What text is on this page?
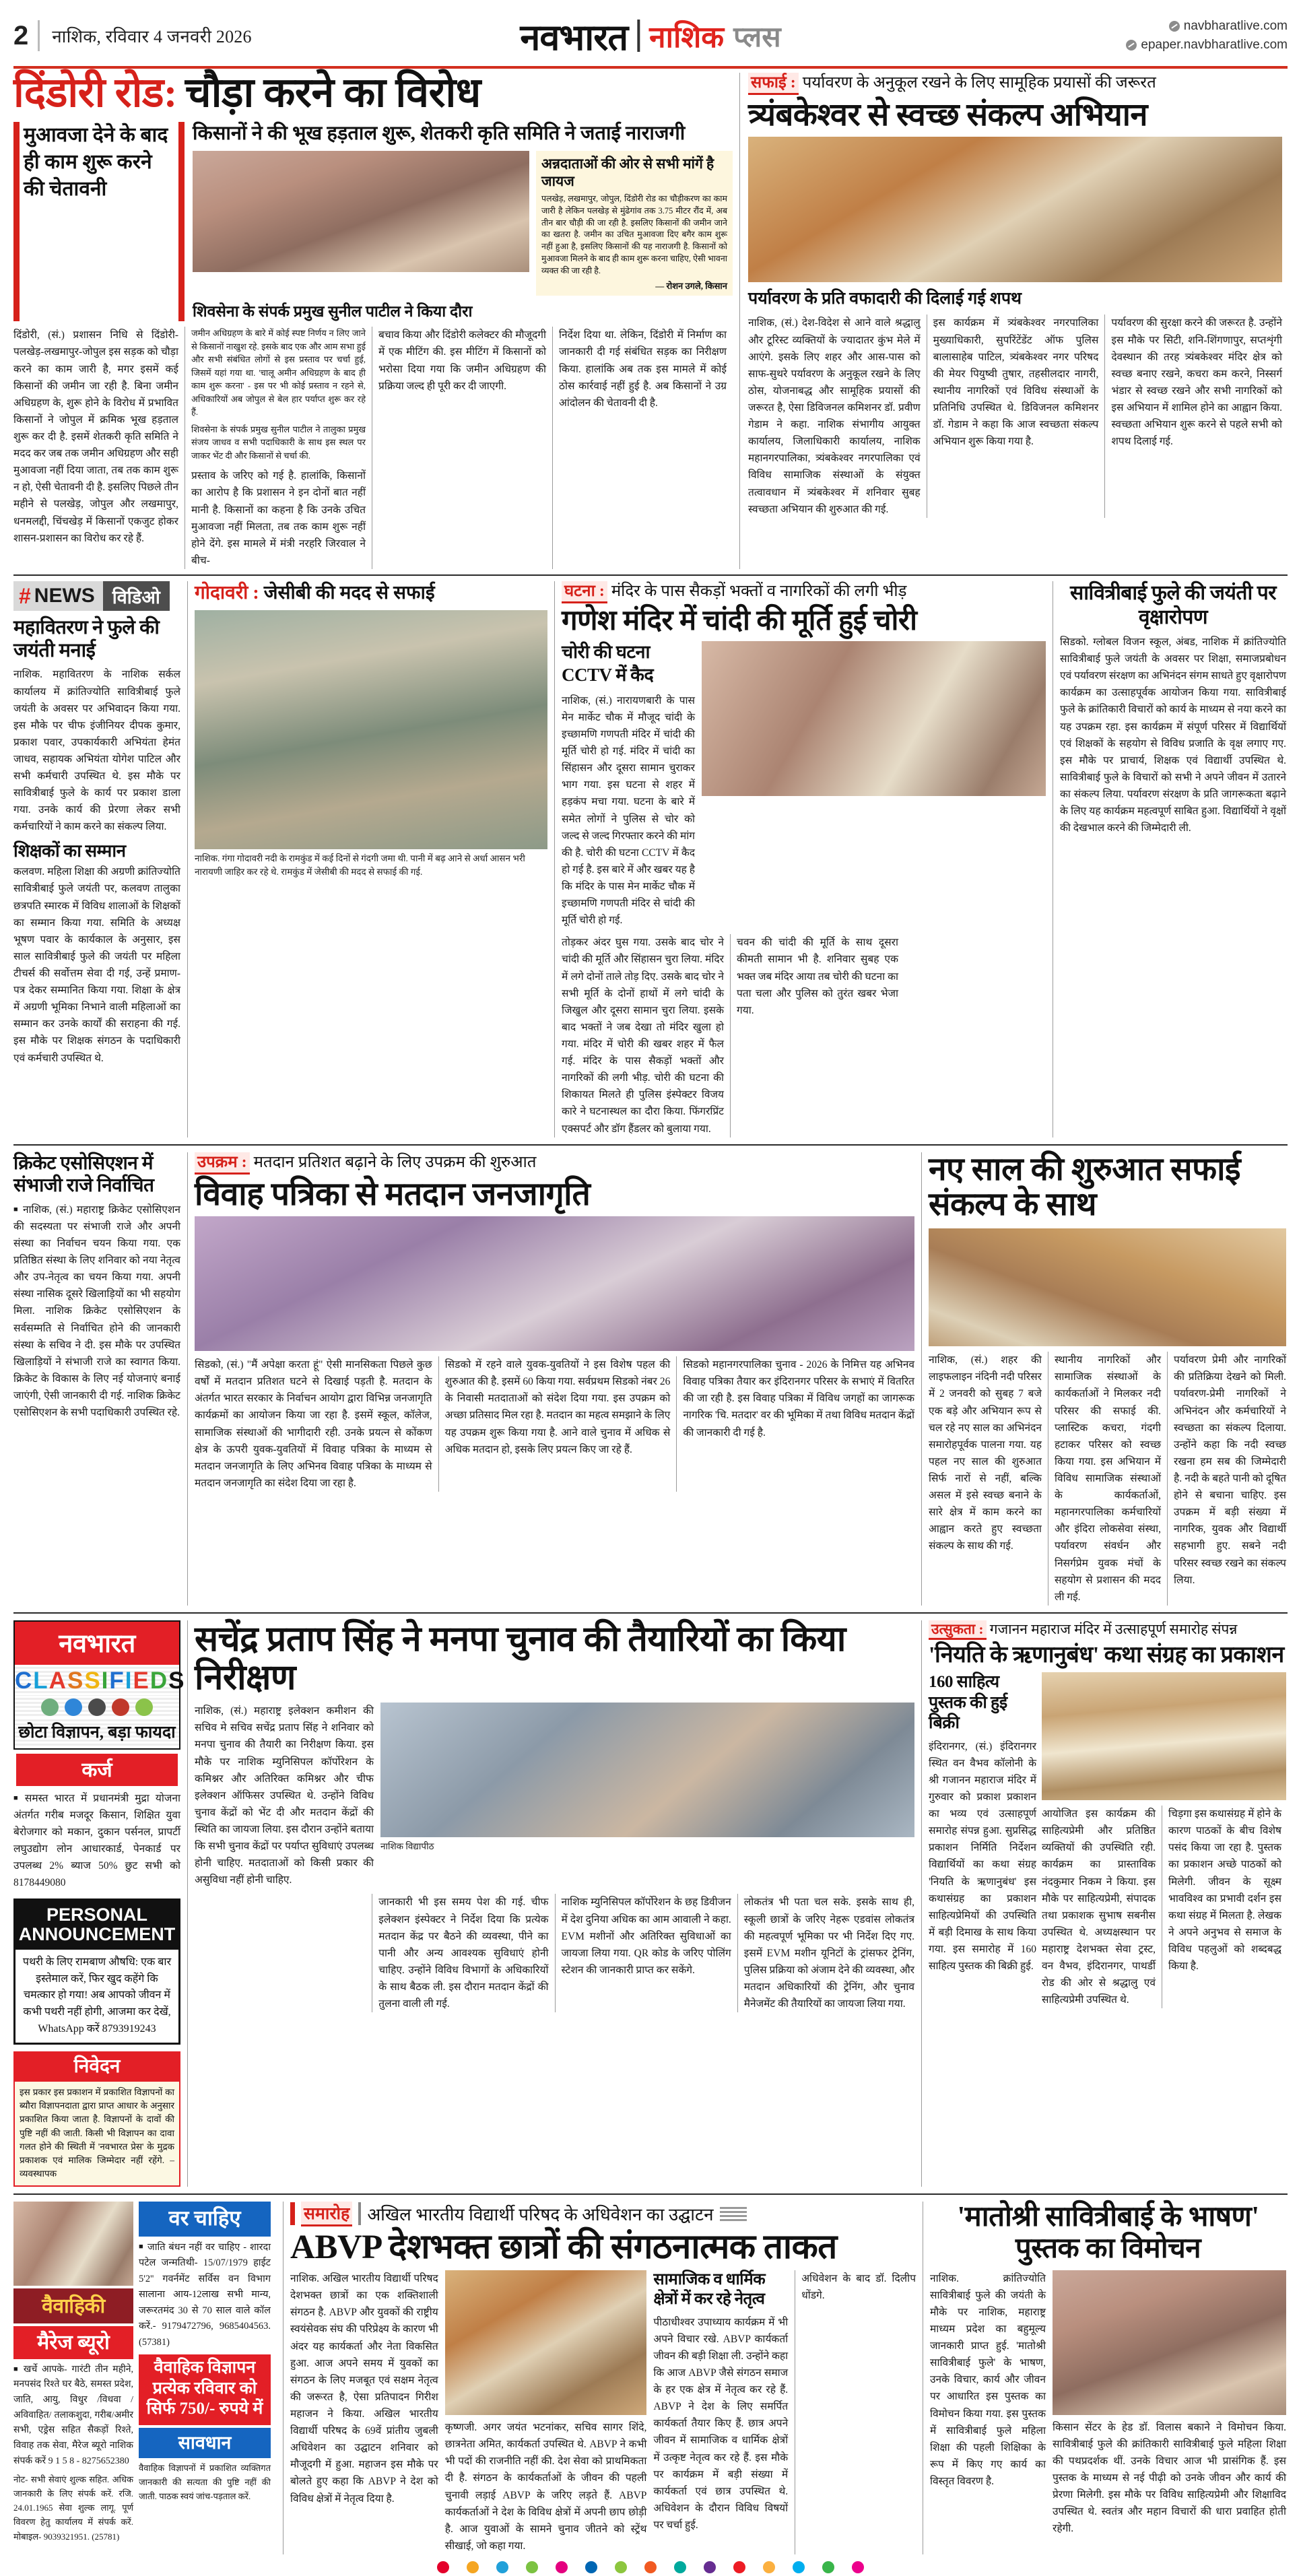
2	नाशिक, रविवार 4 जनवरी 2026	नवभारत नाशिक प्लस	navbharatlive.com
epaper.navbharatlive.com
दिंडोरी रोड: चौड़ा करने का विरोध
मुआवजा देने के बाद ही काम शुरू करने की चेतावनी
किसानों ने की भूख हड़ताल शुरू, शेतकरी कृति समिति ने जताई नाराजगी
अन्नदाताओं की ओर से सभी मांगें है जायज
पलखेड़, लखमापुर, जोपुल, दिंडोरी रोड का चौड़ीकरण का काम जारी है लेकिन पलखेड़ से मुंढेगांव तक 3.75 मीटर रौंद में, अब तीन बार चौड़ी की जा रही है. इसलिए किसानों की जमीन जाने का खतरा है. जमीन का उचित मुआवजा दिए बगैर काम शुरू नहीं हुआ है, इसलिए किसानों की यह नाराजगी है. किसानों को मुआवजा मिलने के बाद ही काम शुरू करना चाहिए, ऐसी भावना व्यक्त की जा रही है.
— रोशन उगले, किसान
शिवसेना के संपर्क प्रमुख सुनील पाटील ने किया दौरा
दिंडोरी, (सं.) प्रशासन निधि से दिंडोरी-पलखेड़-लखमापुर-जोपुल इस सड़क को चौड़ा करने का काम जारी है, मगर इसमें कई किसानों की जमीन जा रही है. बिना जमीन अधिग्रहण के, शुरू होने के विरोध में प्रभावित किसानों ने जोपुल में क्रमिक भूख हड़ताल शुरू कर दी है. इसमें शेतकरी कृति समिति ने मदद कर जब तक जमीन अधिग्रहण और सही मुआवजा नहीं दिया जाता, तब तक काम शुरू न हो, ऐसी चेतावनी दी है. इसलिए पिछले तीन महीने से पलखेड़, जोपुल और लखमापुर, धनमलद्दी, चिंचखेड़ में किसानों एकजुट होकर शासन-प्रशासन का विरोध कर रहे हैं.
जमीन अधिग्रहण के बारे में कोई स्पष्ट निर्णय न लिए जाने से किसानों नाखुश रहे. इसके बाद एक और आम सभा हुई और सभी संबंधित लोगों से इस प्रस्ताव पर चर्चा हुई, जिसमें यहां गया था. 'चालू अमीन अधिग्रहण के बाद ही काम शुरू करना' - इस पर भी कोई प्रस्ताव न रहने से, अधिकारियों अब जोपुल से बेल हार पर्याप्त शुरू कर रहे हैं.
शिवसेना के संपर्क प्रमुख सुनील पाटील ने तालुका प्रमुख संजय जाधव व सभी पदाधिकारी के साथ इस स्थल पर जाकर भेंट दी और किसानों से चर्चा की.
प्रस्ताव के जरिए को गई है. हालांकि, किसानों का आरोप है कि प्रशासन ने इन दोनों बात नहीं मानी है. किसानों का कहना है कि उनके उचित मुआवजा नहीं मिलता, तब तक काम शुरू नहीं होने देंगे. इस मामले में मंत्री नरहरि जिरवाल ने बीच-
बचाव किया और दिंडोरी कलेक्टर की मौजूदगी में एक मीटिंग की. इस मीटिंग में किसानों को भरोसा दिया गया कि जमीन अधिग्रहण की प्रक्रिया जल्द ही पूरी कर दी जाएगी.
निर्देश दिया था. लेकिन, दिंडोरी में निर्माण का जानकारी दी गई संबंधित सड़क का निरीक्षण किया. हालांकि अब तक इस मामले में कोई ठोस कार्रवाई नहीं हुई है. अब किसानों ने उग्र आंदोलन की चेतावनी दी है.
सफाई : पर्यावरण के अनुकूल रखने के लिए सामूहिक प्रयासों की जरूरत
त्र्यंबकेश्वर से स्वच्छ संकल्प अभियान
पर्यावरण के प्रति वफादारी की दिलाई गई शपथ
नाशिक, (सं.) देश-विदेश से आने वाले श्रद्धालु और टूरिस्ट व्यक्तियों के ज्यादातर कुंभ मेले में आएंगे. इसके लिए शहर और आस-पास को साफ-सुथरे पर्यावरण के अनुकूल रखने के लिए ठोस, योजनाबद्ध और सामूहिक प्रयासों की जरूरत है, ऐसा डिविजनल कमिशनर डॉ. प्रवीण गेडाम ने कहा. नाशिक संभागीय आयुक्त कार्यालय, जिलाधिकारी कार्यालय, नाशिक महानगरपालिका, त्र्यंबकेश्वर नगरपालिका एवं विविध सामाजिक संस्थाओं के संयुक्त तत्वावधान में त्र्यंबकेश्वर में शनिवार सुबह स्वच्छता अभियान की शुरुआत की गई.
इस कार्यक्रम में त्र्यंबकेश्वर नगरपालिका मुख्याधिकारी, सुपरिंटेंडेंट ऑफ पुलिस बालासाहेब पाटिल, त्र्यंबकेश्वर नगर परिषद की मेयर पियुष्वी तुषार, तहसीलदार नागरी, स्थानीय नागरिकों एवं विविध संस्थाओं के प्रतिनिधि उपस्थित थे. डिविजनल कमिशनर डॉ. गेडाम ने कहा कि आज स्वच्छता संकल्प अभियान शुरू किया गया है.
पर्यावरण की सुरक्षा करने की जरूरत है. उन्होंने इस मौके पर सिटी, शनि-शिंगणापुर, सप्तशृंगी देवस्थान की तरह त्र्यंबकेश्वर मंदिर क्षेत्र को स्वच्छ बनाए रखने, कचरा कम करने, निस्सर्ग भंडार से स्वच्छ रखने और सभी नागरिकों को इस अभियान में शामिल होने का आह्वान किया. स्वच्छता अभियान शुरू करने से पहले सभी को शपथ दिलाई गई.
# NEWS विडिओ
महावितरण ने फुले की जयंती मनाई
नाशिक. महावितरण के नाशिक सर्कल कार्यालय में क्रांतिज्योति सावित्रीबाई फुले जयंती के अवसर पर अभिवादन किया गया. इस मौके पर चीफ इंजीनियर दीपक कुमार, प्रकाश पवार, उपकार्यकारी अभियंता हेमंत जाधव, सहायक अभियंता योगेश पाटिल और सभी कर्मचारी उपस्थित थे. इस मौके पर सावित्रीबाई फुले के कार्य पर प्रकाश डाला गया. उनके कार्य की प्रेरणा लेकर सभी कर्मचारियों ने काम करने का संकल्प लिया.
शिक्षकों का सम्मान
कलवण. महिला शिक्षा की अग्रणी क्रांतिज्योति सावित्रीबाई फुले जयंती पर, कलवण तालुका छत्रपति स्मारक में विविध शालाओं के शिक्षकों का सम्मान किया गया. समिति के अध्यक्ष भूषण पवार के कार्यकाल के अनुसार, इस साल सावित्रीबाई फुले की जयंती पर महिला टीचर्स की सर्वोत्तम सेवा दी गई, उन्हें प्रमाण-पत्र देकर सम्मानित किया गया. शिक्षा के क्षेत्र में अग्रणी भूमिका निभाने वाली महिलाओं का सम्मान कर उनके कार्यों की सराहना की गई. इस मौके पर शिक्षक संगठन के पदाधिकारी एवं कर्मचारी उपस्थित थे.
गोदावरी : जेसीबी की मदद से सफाई
नाशिक. गंगा गोदावरी नदी के रामकुंड में कई दिनों से गंदगी जमा थी. पानी में बढ़ आने से अर्धा आसन भरी नारायणी जाहिर कर रहे थे. रामकुंड में जेसीबी की मदद से सफाई की गई.
घटना : मंदिर के पास सैकड़ों भक्तों व नागरिकों की लगी भीड़
गणेश मंदिर में चांदी की मूर्ति हुई चोरी
चोरी की घटना CCTV में कैद
नाशिक, (सं.) नारायणबारी के पास मेन मार्केट चौक में मौजूद चांदी के इच्छामणि गणपती मंदिर में चांदी की मूर्ति चोरी हो गई. मंदिर में चांदी का सिंहासन और दूसरा सामान चुराकर भाग गया. इस घटना से शहर में हड़कंप मचा गया. घटना के बारे में समेत लोगों ने पुलिस से चोर को जल्द से जल्द गिरफ्तार करने की मांग की है. चोरी की घटना CCTV में कैद हो गई है. इस बारे में और खबर यह है कि मंदिर के पास मेन मार्केट चौक में इच्छामणि गणपती मंदिर से चांदी की मूर्ति चोरी हो गई.
तोड़कर अंदर घुस गया. उसके बाद चोर ने चांदी की मूर्ति और सिंहासन चुरा लिया. मंदिर में लगे दोनों ताले तोड़ दिए. उसके बाद चोर ने सभी मूर्ति के दोनों हाथों में लगे चांदी के जिखुल और दूसरा सामान चुरा लिया. इसके बाद भक्तों ने जब देखा तो मंदिर खुला हो गया. मंदिर में चोरी की खबर शहर में फैल गई. मंदिर के पास सैकड़ों भक्तों और नागरिकों की लगी भीड़. चोरी की घटना की शिकायत मिलते ही पुलिस इंस्पेक्टर विजय कारे ने घटनास्थल का दौरा किया. फिंगरप्रिंट एक्सपर्ट और डॉग हैंडलर को बुलाया गया.
चवन की चांदी की मूर्ति के साथ दूसरा कीमती सामान भी है. शनिवार सुबह एक भक्त जब मंदिर आया तब चोरी की घटना का पता चला और पुलिस को तुरंत खबर भेजा गया.
सावित्रीबाई फुले की जयंती पर वृक्षारोपण
सिडको. ग्लोबल विजन स्कूल, अंबड, नाशिक में क्रांतिज्योति सावित्रीबाई फुले जयंती के अवसर पर शिक्षा, समाजप्रबोधन एवं पर्यावरण संरक्षण का अभिनंदन संगम साधते हुए वृक्षारोपण कार्यक्रम का उत्साहपूर्वक आयोजन किया गया. सावित्रीबाई फुले के क्रांतिकारी विचारों को कार्य के माध्यम से नया करने का यह उपक्रम रहा. इस कार्यक्रम में संपूर्ण परिसर में विद्यार्थियों एवं शिक्षकों के सहयोग से विविध प्रजाति के वृक्ष लगाए गए. इस मौके पर प्राचार्य, शिक्षक एवं विद्यार्थी उपस्थित थे. सावित्रीबाई फुले के विचारों को सभी ने अपने जीवन में उतारने का संकल्प लिया. पर्यावरण संरक्षण के प्रति जागरूकता बढ़ाने के लिए यह कार्यक्रम महत्वपूर्ण साबित हुआ. विद्यार्थियों ने वृक्षों की देखभाल करने की जिम्मेदारी ली.
क्रिकेट एसोसिएशन में संभाजी राजे निर्वाचित
■ नाशिक, (सं.) महाराष्ट्र क्रिकेट एसोसिएशन की सदस्यता पर संभाजी राजे और अपनी संस्था का निर्वाचन चयन किया गया. एक प्रतिष्ठित संस्था के लिए शनिवार को नया नेतृत्व और उप-नेतृत्व का चयन किया गया. अपनी संस्था नासिक दूसरे खिलाड़ियों का भी सहयोग मिला. नाशिक क्रिकेट एसोसिएशन के सर्वसम्मति से निर्वाचित होने की जानकारी संस्था के सचिव ने दी. इस मौके पर उपस्थित खिलाड़ियों ने संभाजी राजे का स्वागत किया. क्रिकेट के विकास के लिए नई योजनाएं बनाई जाएंगी, ऐसी जानकारी दी गई. नाशिक क्रिकेट एसोसिएशन के सभी पदाधिकारी उपस्थित रहे.
उपक्रम : मतदान प्रतिशत बढ़ाने के लिए उपक्रम की शुरुआत
विवाह पत्रिका से मतदान जनजागृति
सिडको, (सं.) "मैं अपेक्षा करता हूं" ऐसी मानसिकता पिछले कुछ वर्षों में मतदान प्रतिशत घटने से दिखाई पड़ती है. मतदान के अंतर्गत भारत सरकार के निर्वाचन आयोग द्वारा विभिन्न जनजागृति कार्यक्रमों का आयोजन किया जा रहा है. इसमें स्कूल, कॉलेज, सामाजिक संस्थाओं की भागीदारी रही. उनके प्रयत्न से कोंकण क्षेत्र के ऊपरी युवक-युवतियों में विवाह पत्रिका के माध्यम से मतदान जनजागृति के लिए अभिनव विवाह पत्रिका के माध्यम से मतदान जनजागृति का संदेश दिया जा रहा है.
सिडको में रहने वाले युवक-युवतियों ने इस विशेष पहल की शुरुआत की है. इसमें 60 किया गया. सर्वप्रथम सिडको नंबर 26 के निवासी मतदाताओं को संदेश दिया गया. इस उपक्रम को अच्छा प्रतिसाद मिल रहा है. मतदान का महत्व समझाने के लिए यह उपक्रम शुरू किया गया है. आने वाले चुनाव में अधिक से अधिक मतदान हो, इसके लिए प्रयत्न किए जा रहे हैं.
सिडको महानगरपालिका चुनाव - 2026 के निमित्त यह अभिनव विवाह पत्रिका तैयार कर इंदिरानगर परिसर के सभाएं में वितरित की जा रही है. इस विवाह पत्रिका में विविध जगहों का जागरूक नागरिक 'चि. मतदार' वर की भूमिका में तथा विविध मतदान केंद्रों की जानकारी दी गई है.
नए साल की शुरुआत सफाई संकल्प के साथ
नाशिक, (सं.) शहर की लाइफलाइन नंदिनी नदी परिसर में 2 जनवरी को सुबह 7 बजे एक बड़े और अभियान रूप से चल रहे नए साल का अभिनंदन समारोहपूर्वक पालना गया. यह पहल नए साल की शुरुआत सिर्फ नारों से नहीं, बल्कि असल में इसे स्वच्छ बनाने के सारे क्षेत्र में काम करने का आह्वान करते हुए स्वच्छता संकल्प के साथ की गई.
स्थानीय नागरिकों और सामाजिक संस्थाओं के कार्यकर्ताओं ने मिलकर नदी परिसर की सफाई की. प्लास्टिक कचरा, गंदगी हटाकर परिसर को स्वच्छ किया गया. इस अभियान में विविध सामाजिक संस्थाओं के कार्यकर्ताओं, महानगरपालिका कर्मचारियों और इंदिरा लोकसेवा संस्था, पर्यावरण संवर्धन और निसर्गप्रेम युवक मंचों के सहयोग से प्रशासन की मदद ली गई.
पर्यावरण प्रेमी और नागरिकों की प्रतिक्रिया देखने को मिली. पर्यावरण-प्रेमी नागरिकों ने अभिनंदन और कर्मचारियों ने स्वच्छता का संकल्प दिलाया. उन्होंने कहा कि नदी स्वच्छ रखना हम सब की जिम्मेदारी है. नदी के बहते पानी को दूषित होने से बचाना चाहिए. इस उपक्रम में बड़ी संख्या में नागरिक, युवक और विद्यार्थी सहभागी हुए. सबने नदी परिसर स्वच्छ रखने का संकल्प लिया.
नवभारत
CLASSIFIEDS
छोटा विज्ञापन, बड़ा फायदा
कर्ज
■ समस्त भारत में प्रधानमंत्री मुद्रा योजना अंतर्गत गरीब मजदूर किसान, शिक्षित युवा बेरोजगार को मकान, दुकान पर्सनल, प्रापर्टी लघुउद्योग लोन आधारकार्ड, पेनकार्ड पर उपलब्ध 2% ब्याज 50% छुट सभी को 8178449080
PERSONAL ANNOUNCEMENT
पथरी के लिए रामबाण औषधि: एक बार इस्तेमाल करें, फिर खुद कहेंगे कि चमत्कार हो गया! अब आपको जीवन में कभी पथरी नहीं होगी, आजमा कर देखें, WhatsApp करें 8793919243
निवेदन
इस प्रकार इस प्रकाशन में प्रकाशित विज्ञापनों का ब्यौरा विज्ञापनदाता द्वारा प्राप्त आधार के अनुसार प्रकाशित किया जाता है. विज्ञापनों के दावों की पुष्टि नहीं की जाती. किसी भी विज्ञापन का दावा गलत होने की स्थिती में 'नवभारत प्रेस' के मुद्रक प्रकाशक एवं मालिक जिम्मेदार नहीं रहेंगे. – व्यवस्थापक
सचेंद्र प्रताप सिंह ने मनपा चुनाव की तैयारियों का किया निरीक्षण
नाशिक, (सं.) महाराष्ट्र इलेक्शन कमीशन की सचिव मे सचिव सचेंद्र प्रताप सिंह ने शनिवार को मनपा चुनाव की तैयारी का निरीक्षण किया. इस मौके पर नाशिक म्युनिसिपल कॉर्पोरेशन के कमिश्नर और अतिरिक्त कमिश्नर और चीफ इलेक्शन ऑफिसर उपस्थित थे. उन्होंने विविध चुनाव केंद्रों को भेंट दी और मतदान केंद्रों की स्थिति का जायजा लिया. इस दौरान उन्होंने बताया कि सभी चुनाव केंद्रों पर पर्याप्त सुविधाएं उपलब्ध होनी चाहिए. मतदाताओं को किसी प्रकार की असुविधा नहीं होनी चाहिए.
नाशिक विद्यापीठ
जानकारी भी इस समय पेश की गई. चीफ इलेक्शन इंस्पेक्टर ने निर्देश दिया कि प्रत्येक मतदान केंद्र पर बैठने की व्यवस्था, पीने का पानी और अन्य आवश्यक सुविधाएं होनी चाहिए. उन्होंने विविध विभागों के अधिकारियों के साथ बैठक ली. इस दौरान मतदान केंद्रों की तुलना वाली ली गई.
नाशिक म्युनिसिपल कॉर्पोरेशन के छह डिवीजन में देश दुनिया अधिक का आम आवाली ने कहा. EVM मशीनों और अतिरिक्त सुविधाओं का जायजा लिया गया. QR कोड के जरिए पोलिंग स्टेशन की जानकारी प्राप्त कर सकेंगे.
लोकतंत्र भी पता चल सके. इसके साथ ही, स्कूली छात्रों के जरिए नेहरू एडवांस लोकतंत्र की महत्वपूर्ण भूमिका पर भी निर्देश दिए गए. इसमें EVM मशीन यूनिटों के ट्रांसफर ट्रेनिंग, पुलिस प्रक्रिया को अंजाम देने की व्यवस्था, और मतदान अधिकारियों की ट्रेनिंग, और चुनाव मैनेजमेंट की तैयारियों का जायजा लिया गया.
उत्सुकता : गजानन महाराज मंदिर में उत्साहपूर्ण समारोह संपन्न
'नियति के ऋणानुबंध' कथा संग्रह का प्रकाशन
160 साहित्य पुस्तक की हुई बिक्री
इंदिरानगर, (सं.) इंदिरानगर स्थित वन वैभव कॉलोनी के श्री गजानन महाराज मंदिर में गुरुवार को प्रकाश प्रकाशन का भव्य एवं उत्साहपूर्ण समारोह संपन्न हुआ. सुप्रसिद्ध प्रकाशन निर्मिति निर्देशन विद्यार्थियों का कथा संग्रह 'नियति के ऋणानुबंध' इस कथासंग्रह का प्रकाशन साहित्यप्रेमियों की उपस्थिति में बड़ी दिमाख के साथ किया गया. इस समारोह में 160 साहित्य पुस्तक की बिक्री हुई.
आयोजित इस कार्यक्रम की साहित्यप्रेमी और प्रतिष्ठित व्यक्तियों की उपस्थिति रही. कार्यक्रम का प्रास्ताविक नंदकुमार निकम ने किया. इस मौके पर साहित्यप्रेमी, संपादक तथा प्रकाशक सुभाष सबनीस उपस्थित थे. अध्यक्षस्थान पर महाराष्ट्र देशभक्त सेवा ट्रस्ट, वन वैभव, इंदिरानगर, पाथर्डी रोड की ओर से श्रद्धालु एवं साहित्यप्रेमी उपस्थित थे.
चिड़गा इस कथासंग्रह में होने के कारण पाठकों के बीच विशेष पसंद किया जा रहा है. पुस्तक का प्रकाशन अच्छे पाठकों को मिलेगी. जीवन के सूक्ष्म भावविश्व का प्रभावी दर्शन इस कथा संग्रह में मिलता है. लेखक ने अपने अनुभव से समाज के विविध पहलुओं को शब्दबद्ध किया है.
वैवाहिकी
मैरेज ब्यूरो
■ खर्चे आपके- गारंटी तीन महीने, मनपसंद रिश्ते घर बैठे, समस्त प्रदेश, जाति, आयु, विधुर /विधवा /अविवाहित/ तलाकशुदा, गरीब/अमीर सभी, एड्रेस सहित सैकड़ों रिश्ते, विवाह तक सेवा, मैरेज ब्यूरो नाशिक संपर्क करें 9 1 5 8 - 8275652380
नोट- सभी सेवाएं शुल्क सहित. अधिक जानकारी के लिए संपर्क करें. रजि. 24.01.1965 सेवा शुल्क लागू. पूर्ण विवरण हेतु कार्यालय में संपर्क करें. मोबाइल- 9039321951. (25781)
वर चाहिए
■ जाति बंधन नहीं वर चाहिए - शारदा पटेल जन्मतिथी- 15/07/1979 हाईट 5'2'' गवर्नमेंट सर्विस वन विभाग सालाना आय-12लाख सभी मान्य, जरूरतमंद 30 से 70 साल वाले कॉल करें.- 9179472796, 9685404563. (57381)
वैवाहिक विज्ञापन प्रत्येक रविवार को सिर्फ 750/- रुपये में
सावधान
वैवाहिक विज्ञापनों में प्रकाशित व्यक्तिगत जानकारी की सत्यता की पुष्टि नहीं की जाती. पाठक स्वयं जांच-पड़ताल करें.
समारोह अखिल भारतीय विद्यार्थी परिषद के अधिवेशन का उद्घाटन
ABVP देशभक्त छात्रों की संगठनात्मक ताकत
नाशिक. अखिल भारतीय विद्यार्थी परिषद देशभक्त छात्रों का एक शक्तिशाली संगठन है. ABVP और युवकों की राष्ट्रीय स्वयंसेवक संघ की परिप्रेक्ष्य के कारण भी अंदर यह कार्यकर्ता और नेता विकसित हुआ. आज अपने समय में युवकों का संगठन के लिए मजबूत एवं सक्षम नेतृत्व की जरूरत है, ऐसा प्रतिपादन गिरीश महाजन ने किया. अखिल भारतीय विद्यार्थी परिषद के 69वें प्रांतीय जुबली अधिवेशन का उद्घाटन शनिवार को मौजूदगी में हुआ. महाजन इस मौके पर बोलते हुए कहा कि ABVP ने देश को विविध क्षेत्रों में नेतृत्व दिया है.
कृष्णजी. अगर जयंत भटनांकर, सचिव सागर शिंदे, छात्रनेता अमित, कार्यकर्ता उपस्थित थे. ABVP ने कभी भी पदों की राजनीति नहीं की. देश सेवा को प्राथमिकता दी है. संगठन के कार्यकर्ताओं के जीवन की पहली चुनावी लड़ाई ABVP के जरिए लड़ते हैं. ABVP कार्यकर्ताओं ने देश के विविध क्षेत्रों में अपनी छाप छोड़ी है. आज युवाओं के सामने चुनाव जीतने को स्ट्रेंथ सीखाई, जो कहा गया.
सामाजिक व धार्मिक क्षेत्रों में कर रहे नेतृत्व
पीठाधीश्वर उपाध्याय कार्यक्रम में भी अपने विचार रखे. ABVP कार्यकर्ता जीवन की बड़ी शिक्षा ली. उन्होंने कहा कि आज ABVP जैसे संगठन समाज के हर एक क्षेत्र में नेतृत्व कर रहे हैं. ABVP ने देश के लिए समर्पित कार्यकर्ता तैयार किए हैं. छात्र अपने जीवन में सामाजिक व धार्मिक क्षेत्रों में उत्कृष्ट नेतृत्व कर रहे हैं. इस मौके पर कार्यक्रम में बड़ी संख्या में कार्यकर्ता एवं छात्र उपस्थित थे. अधिवेशन के दौरान विविध विषयों पर चर्चा हुई.
अधिवेशन के बाद डॉ. दिलीप धोंडगे.
'मातोश्री सावित्रीबाई के भाषण' पुस्तक का विमोचन
नाशिक. क्रांतिज्योति सावित्रीबाई फुले की जयंती के मौके पर नाशिक, महाराष्ट्र माध्यम प्रदेश का बहुमूल्य जानकारी प्राप्त हुई. 'मातोश्री सावित्रीबाई फुले' के भाषण, उनके विचार, कार्य और जीवन पर आधारित इस पुस्तक का विमोचन किया गया. इस पुस्तक में सावित्रीबाई फुले महिला शिक्षा की पहली शिक्षिका के रूप में किए गए कार्य का विस्तृत विवरण है.
किसान सेंटर के हेड डॉ. विलास बकाने ने विमोचन किया. सावित्रीबाई फुले की क्रांतिकारी सावित्रीबाई फुले महिला शिक्षा की पथप्रदर्शक थीं. उनके विचार आज भी प्रासंगिक हैं. इस पुस्तक के माध्यम से नई पीढ़ी को उनके जीवन और कार्य की प्रेरणा मिलेगी. इस मौके पर विविध साहित्यप्रेमी और शिक्षाविद उपस्थित थे. स्वतंत्र और महान विचारों की धारा प्रवाहित होती रहेगी.
